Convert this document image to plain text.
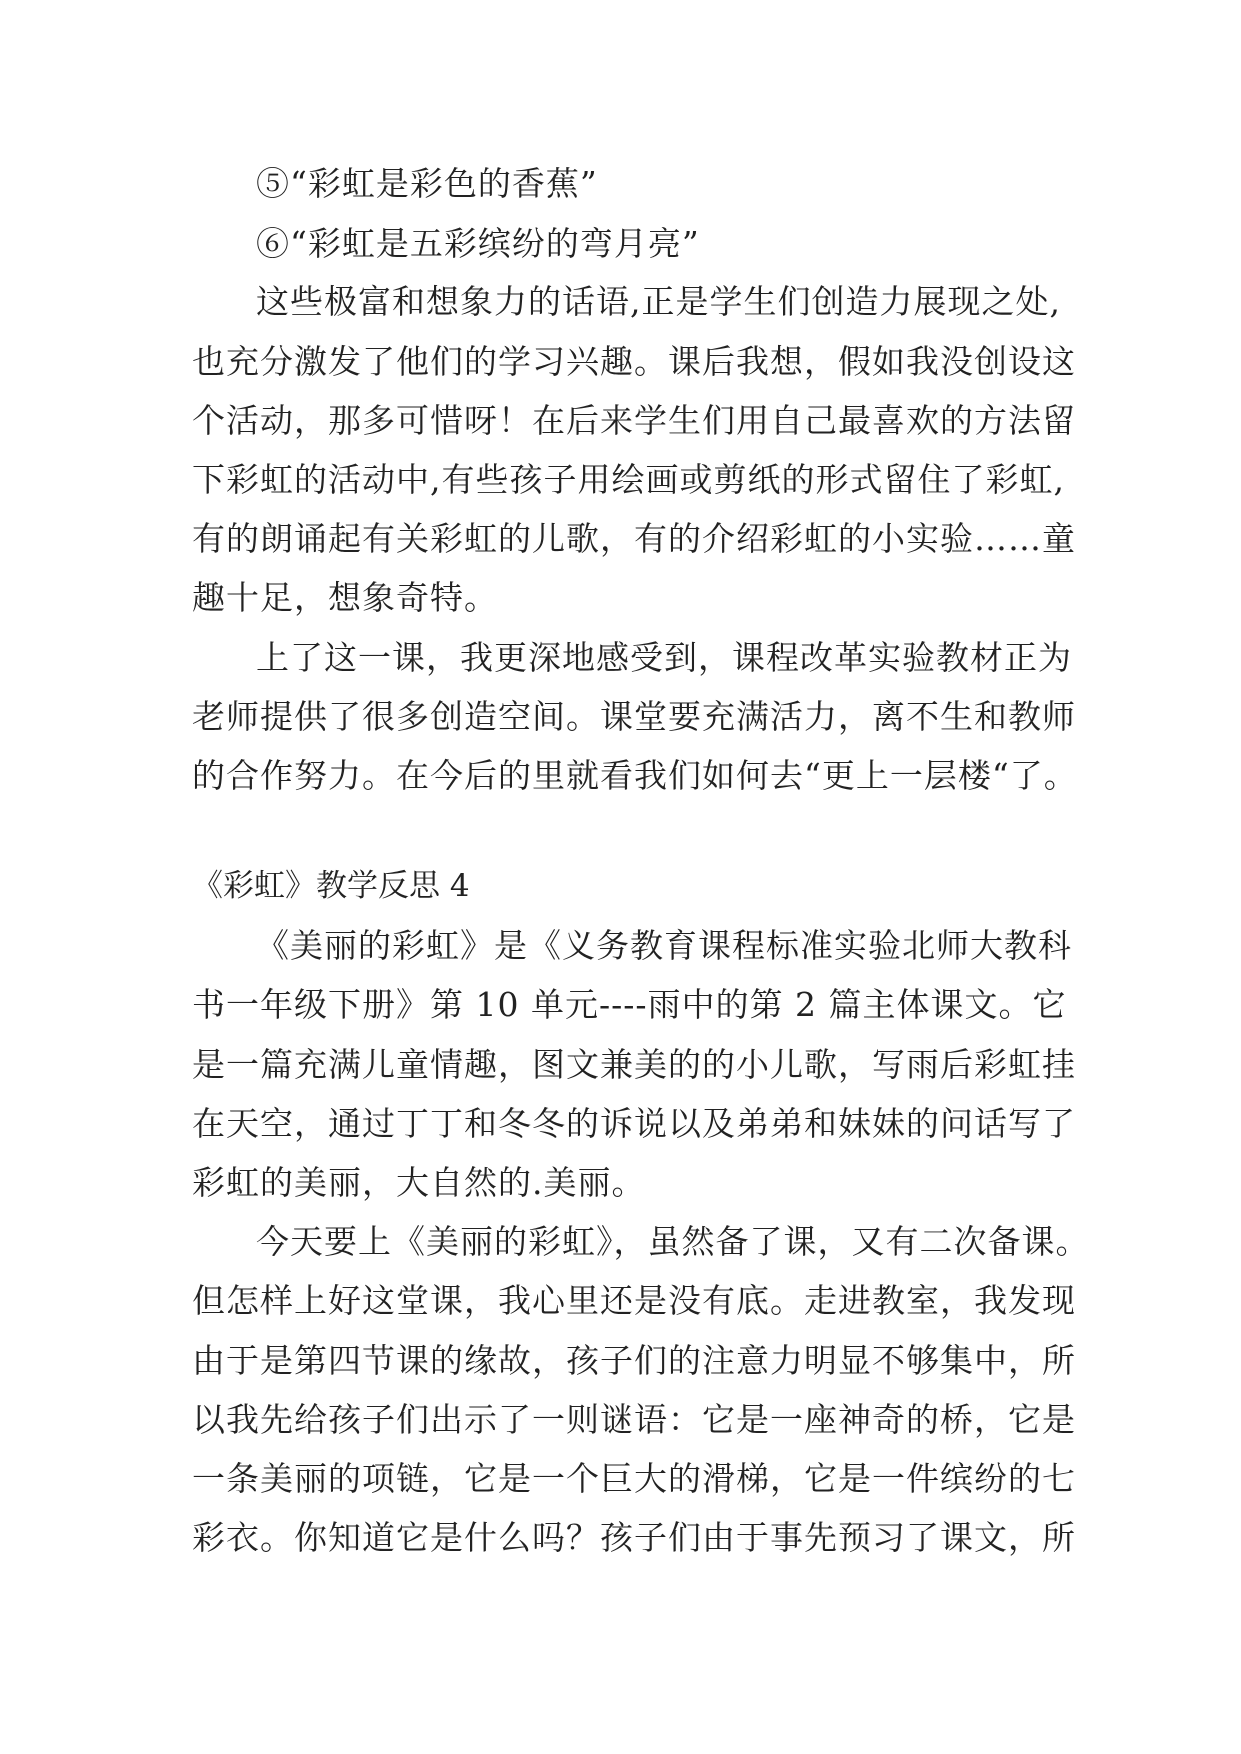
⑤“彩虹是彩色的香蕉”
⑥“彩虹是五彩缤纷的弯月亮”
这些极富和想象力的话语,正是学生们创造力展现之处,
也充分激发了他们的学习兴趣。课后我想，假如我没创设这
个活动，那多可惜呀！在后来学生们用自己最喜欢的方法留
下彩虹的活动中,有些孩子用绘画或剪纸的形式留住了彩虹,
有的朗诵起有关彩虹的儿歌，有的介绍彩虹的小实验……童
趣十足，想象奇特。
上了这一课，我更深地感受到，课程改革实验教材正为
老师提供了很多创造空间。课堂要充满活力，离不生和教师
的合作努力。在今后的里就看我们如何去“更上一层楼“了。
《彩虹》教学反思 4
《美丽的彩虹》是《义务教育课程标准实验北师大教科
书一年级下册》第 10 单元----雨中的第 2 篇主体课文。它
是一篇充满儿童情趣，图文兼美的的小儿歌，写雨后彩虹挂
在天空，通过丁丁和冬冬的诉说以及弟弟和妹妹的问话写了
彩虹的美丽，大自然的.美丽。
今天要上《美丽的彩虹》，虽然备了课，又有二次备课。
但怎样上好这堂课，我心里还是没有底。走进教室，我发现
由于是第四节课的缘故，孩子们的注意力明显不够集中，所
以我先给孩子们出示了一则谜语：它是一座神奇的桥，它是
一条美丽的项链，它是一个巨大的滑梯，它是一件缤纷的七
彩衣。你知道它是什么吗？孩子们由于事先预习了课文，所
